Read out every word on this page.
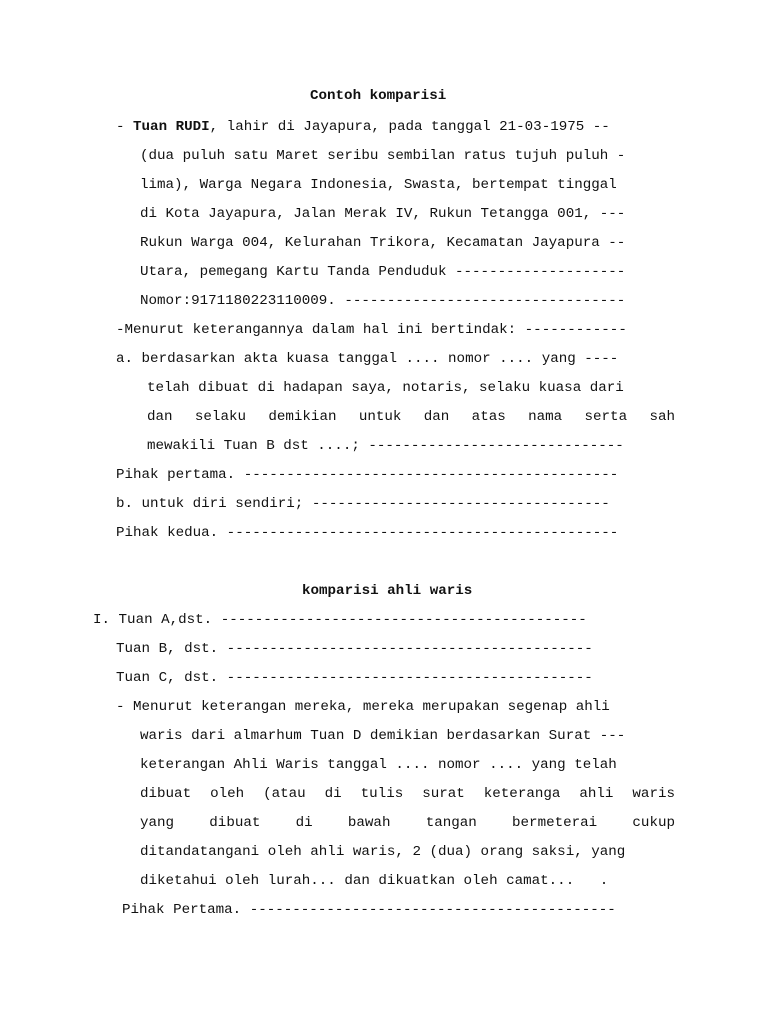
Contoh komparisi
- Tuan RUDI, lahir di Jayapura, pada tanggal 21-03-1975 --
(dua puluh satu Maret seribu sembilan ratus tujuh puluh -
lima), Warga Negara Indonesia, Swasta, bertempat tinggal
di Kota Jayapura, Jalan Merak IV, Rukun Tetangga 001, ---
Rukun Warga 004, Kelurahan Trikora, Kecamatan Jayapura --
Utara, pemegang Kartu Tanda Penduduk --------------------
Nomor:9171180223110009. ---------------------------------
-Menurut keterangannya dalam hal ini bertindak: ------------
a. berdasarkan akta kuasa tanggal .... nomor .... yang ----
telah dibuat di hadapan saya, notaris, selaku kuasa dari
dan selaku demikian untuk dan atas nama serta sah
mewakili Tuan B dst ....; ------------------------------
Pihak pertama. --------------------------------------------
b. untuk diri sendiri; -----------------------------------
Pihak kedua. ----------------------------------------------
komparisi ahli waris
I. Tuan A,dst. -------------------------------------------
Tuan B, dst. -------------------------------------------
Tuan C, dst. -------------------------------------------
- Menurut keterangan mereka, mereka merupakan segenap ahli
waris dari almarhum Tuan D demikian berdasarkan Surat ---
keterangan Ahli Waris tanggal .... nomor .... yang telah
dibuat oleh (atau di tulis surat keteranga ahli waris
yang dibuat di bawah tangan bermeterai cukup
ditandatangani oleh ahli waris, 2 (dua) orang saksi, yang
diketahui oleh lurah... dan dikuatkan oleh camat...   .
Pihak Pertama. -------------------------------------------
